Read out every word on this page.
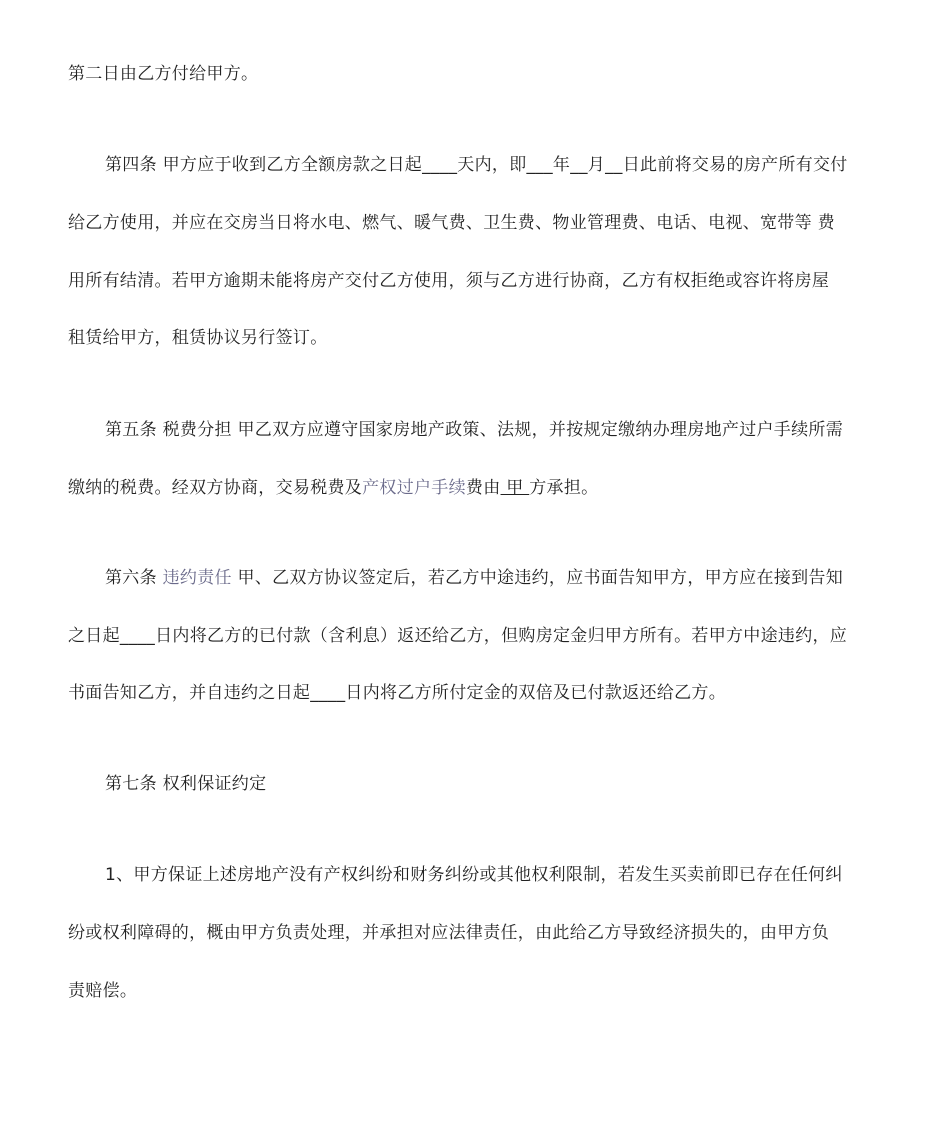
第二日由乙方付给甲方。
第四条 甲方应于收到乙方全额房款之日起____天内，即___年__月__日此前将交易的房产所有交付
给乙方使用，并应在交房当日将水电、燃气、暖气费、卫生费、物业管理费、电话、电视、宽带等 费
用所有结清。若甲方逾期未能将房产交付乙方使用，须与乙方进行协商，乙方有权拒绝或容许将房屋
租赁给甲方，租赁协议另行签订。
第五条 税费分担 甲乙双方应遵守国家房地产政策、法规，并按规定缴纳办理房地产过户手续所需
缴纳的税费。经双方协商，交易税费及产权过户手续费由 甲 方承担。
第六条 违约责任 甲、乙双方协议签定后，若乙方中途违约，应书面告知甲方，甲方应在接到告知
之日起____日内将乙方的已付款（含利息）返还给乙方，但购房定金归甲方所有。若甲方中途违约，应
书面告知乙方，并自违约之日起____日内将乙方所付定金的双倍及已付款返还给乙方。
第七条 权利保证约定
1、甲方保证上述房地产没有产权纠纷和财务纠纷或其他权利限制，若发生买卖前即已存在任何纠
纷或权利障碍的，概由甲方负责处理，并承担对应法律责任，由此给乙方导致经济损失的，由甲方负
责赔偿。
